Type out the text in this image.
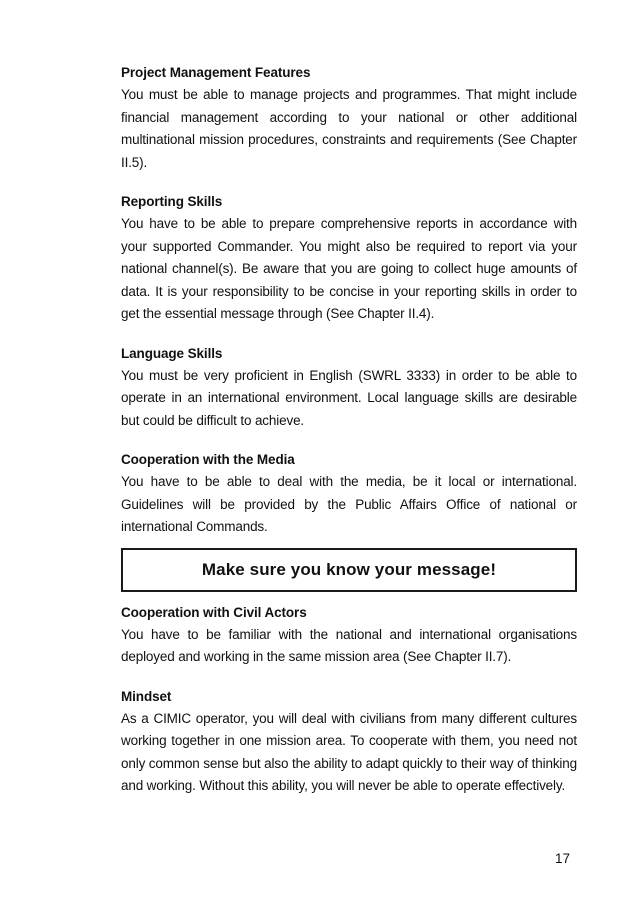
Project Management Features

You must be able to manage projects and programmes. That might include financial management according to your national or other additional multinational mission procedures, constraints and requirements (See Chapter II.5).

Reporting Skills

You have to be able to prepare comprehensive reports in accordance with your supported Commander. You might also be required to report via your national channel(s). Be aware that you are going to collect huge amounts of data. It is your responsibility to be concise in your reporting skills in order to get the essential message through (See Chapter II.4).

Language Skills

You must be very proficient in English (SWRL 3333) in order to be able to operate in an international environment. Local language skills are desirable but could be difficult to achieve.

Cooperation with the Media

You have to be able to deal with the media, be it local or international. Guidelines will be provided by the Public Affairs Office of national or international Commands.

Make sure you know your message!

Cooperation with Civil Actors

You have to be familiar with the national and international organisations deployed and working in the same mission area (See Chapter II.7).

Mindset

As a CIMIC operator, you will deal with civilians from many different cultures working together in one mission area. To cooperate with them, you need not only common sense but also the ability to adapt quickly to their way of thinking and working. Without this ability, you will never be able to operate effectively.

17
